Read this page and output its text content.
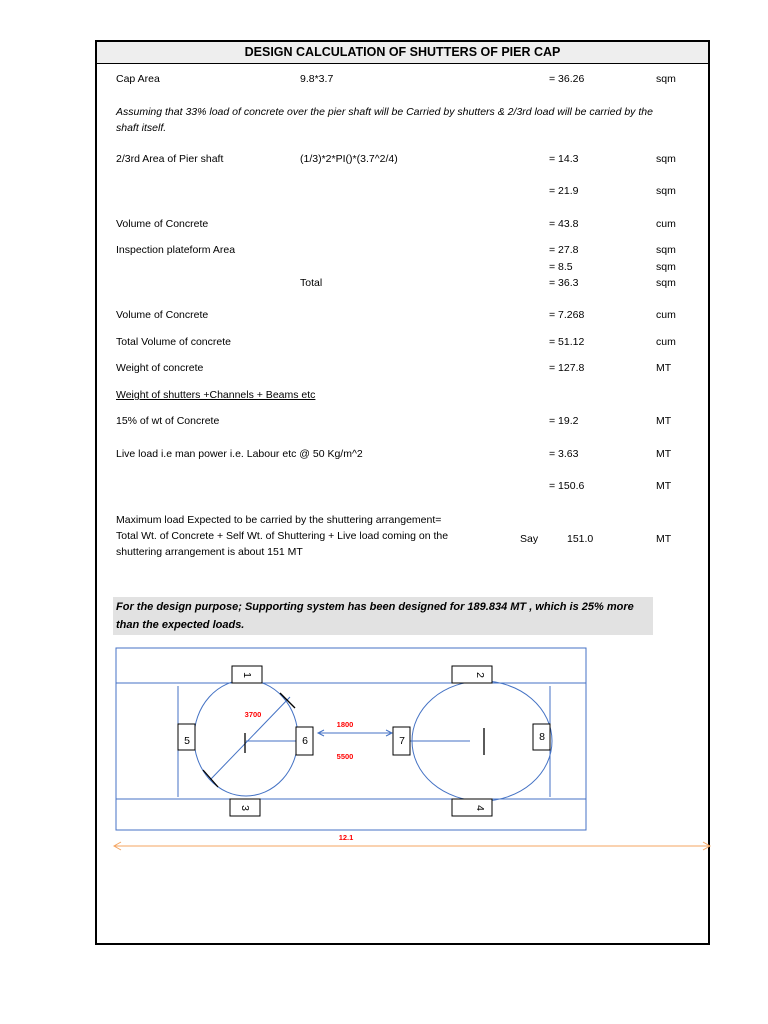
DESIGN CALCULATION OF SHUTTERS OF PIER CAP
Cap Area	9.8*3.7	= 36.26	sqm
Assuming that 33% load of concrete over the pier shaft will be Carried by shutters & 2/3rd load will be carried by the shaft itself.
2/3rd Area of Pier shaft	(1/3)*2*PI()*(3.7^2/4)	= 14.3	sqm
= 21.9	sqm
Volume of Concrete	= 43.8	cum
Inspection plateform Area	= 27.8	sqm
= 8.5	sqm
Total	= 36.3	sqm
Volume of Concrete	= 7.268	cum
Total Volume of concrete	= 51.12	cum
Weight of concrete	= 127.8	MT
Weight of shutters +Channels + Beams etc
15% of wt of Concrete	= 19.2	MT
Live load i.e man power i.e. Labour etc @ 50 Kg/m^2	= 3.63	MT
= 150.6	MT
Maximum load Expected to be carried by the shuttering arrangement=
Total Wt. of Concrete + Self Wt. of Shuttering + Live load coming on the
shuttering arrangement is about 151 MT
Say	151.0	MT
For the design purpose; Supporting system has been designed for 189.834 MT , which is 25% more than the expected loads.
1	2
3	4
5	6	7	8
3700
1800
5500
12.1
